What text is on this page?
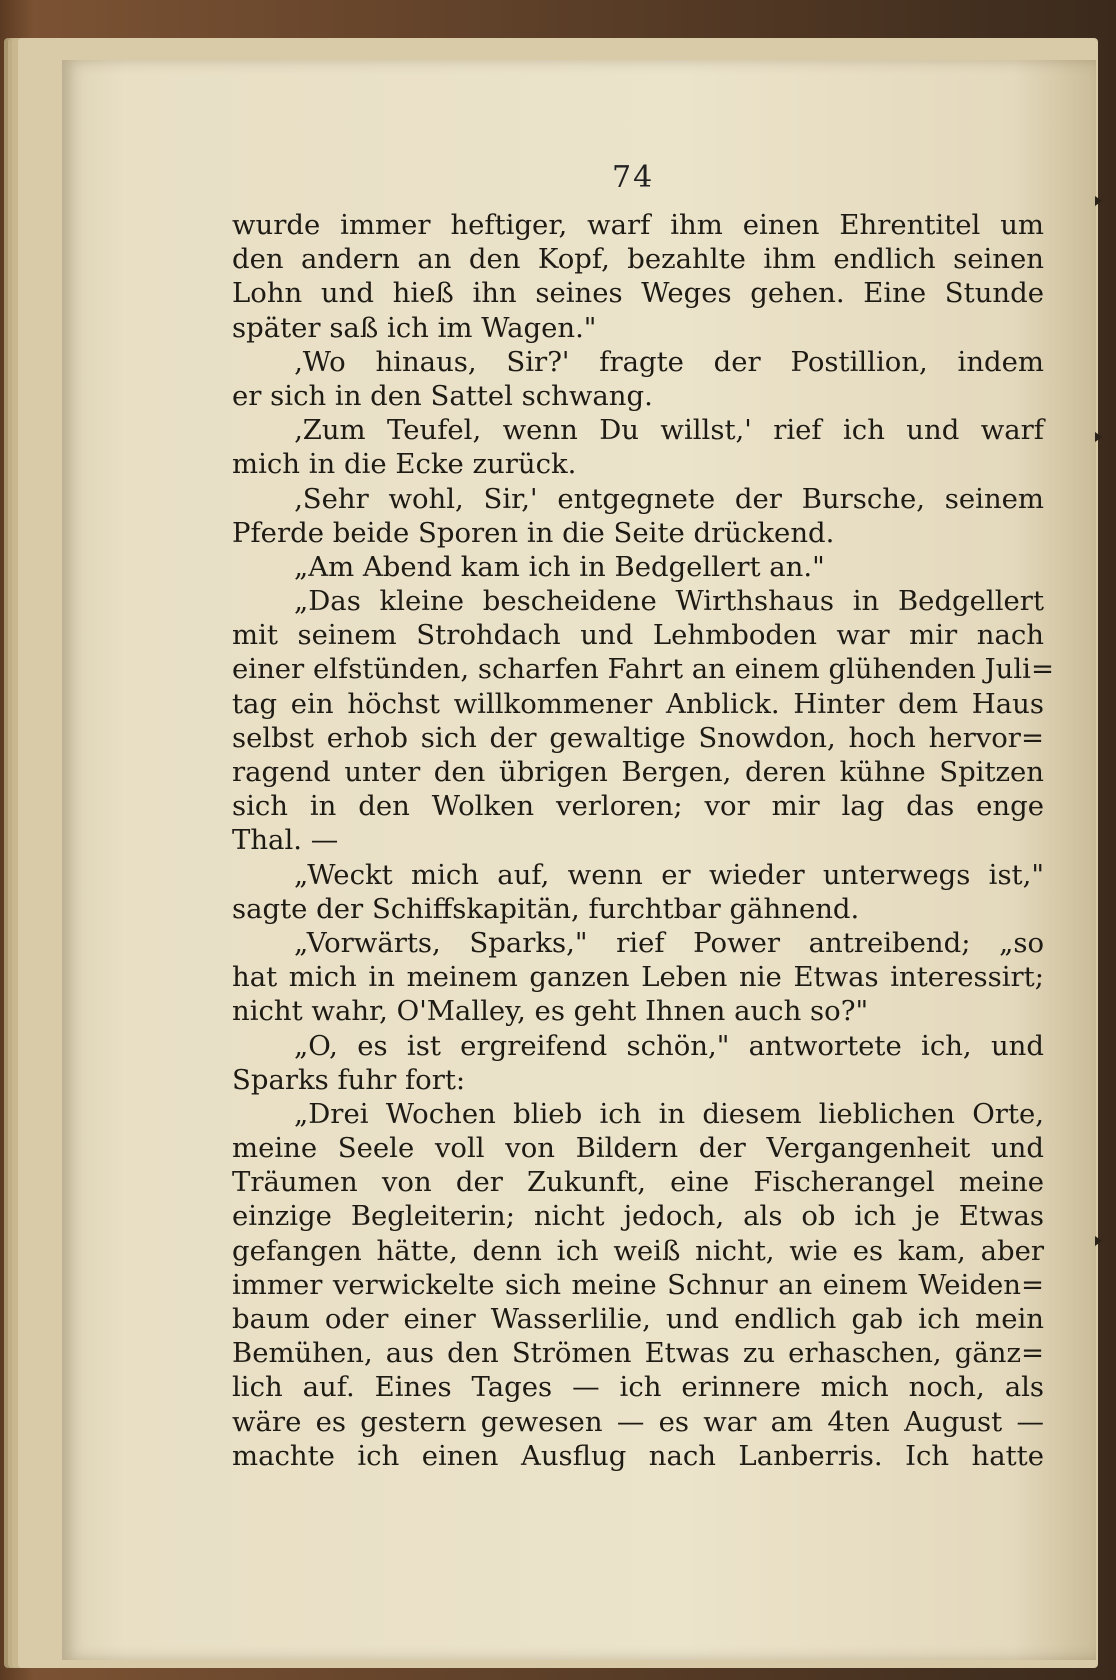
74
wurde immer heftiger, warf ihm einen Ehrentitel um
den andern an den Kopf, bezahlte ihm endlich seinen
Lohn und hieß ihn seines Weges gehen. Eine Stunde
später saß ich im Wagen."
‚Wo hinaus, Sir?' fragte der Postillion, indem
er sich in den Sattel schwang.
‚Zum Teufel, wenn Du willst,' rief ich und warf
mich in die Ecke zurück.
‚Sehr wohl, Sir,' entgegnete der Bursche, seinem
Pferde beide Sporen in die Seite drückend.
„Am Abend kam ich in Bedgellert an."
„Das kleine bescheidene Wirthshaus in Bedgellert
mit seinem Strohdach und Lehmboden war mir nach
einer elfstünden, scharfen Fahrt an einem glühenden Juli=
tag ein höchst willkommener Anblick. Hinter dem Haus
selbst erhob sich der gewaltige Snowdon, hoch hervor=
ragend unter den übrigen Bergen, deren kühne Spitzen
sich in den Wolken verloren; vor mir lag das enge
Thal. —
„Weckt mich auf, wenn er wieder unterwegs ist,"
sagte der Schiffskapitän, furchtbar gähnend.
„Vorwärts, Sparks," rief Power antreibend; „so
hat mich in meinem ganzen Leben nie Etwas interessirt;
nicht wahr, O'Malley, es geht Ihnen auch so?"
„O, es ist ergreifend schön," antwortete ich, und
Sparks fuhr fort:
„Drei Wochen blieb ich in diesem lieblichen Orte,
meine Seele voll von Bildern der Vergangenheit und
Träumen von der Zukunft, eine Fischerangel meine
einzige Begleiterin; nicht jedoch, als ob ich je Etwas
gefangen hätte, denn ich weiß nicht, wie es kam, aber
immer verwickelte sich meine Schnur an einem Weiden=
baum oder einer Wasserlilie, und endlich gab ich mein
Bemühen, aus den Strömen Etwas zu erhaschen, gänz=
lich auf. Eines Tages — ich erinnere mich noch, als
wäre es gestern gewesen — es war am 4ten August —
machte ich einen Ausflug nach Lanberris. Ich hatte
